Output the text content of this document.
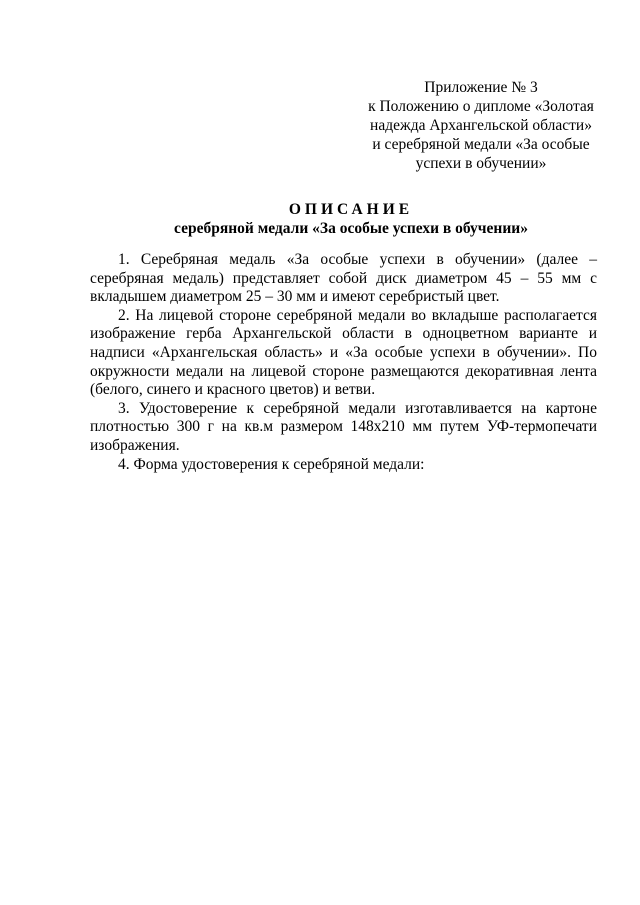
Приложение № 3
к Положению о дипломе «Золотая
надежда Архангельской области»
и серебряной медали «За особые
успехи в обучении»
ОПИСАНИЕ
серебряной медали «За особые успехи в обучении»

1. Серебряная медаль «За особые успехи в обучении» (далее – серебряная медаль) представляет собой диск диаметром 45 – 55 мм с вкладышем диаметром 25 – 30 мм и имеют серебристый цвет.

2. На лицевой стороне серебряной медали во вкладыше располагается изображение герба Архангельской области в одноцветном варианте и надписи «Архангельская область» и «За особые успехи в обучении». По окружности медали на лицевой стороне размещаются декоративная лента (белого, синего и красного цветов) и ветви.

3. Удостоверение к серебряной медали изготавливается на картоне плотностью 300 г на кв.м размером 148х210 мм путем УФ-термопечати изображения.

4. Форма удостоверения к серебряной медали:
